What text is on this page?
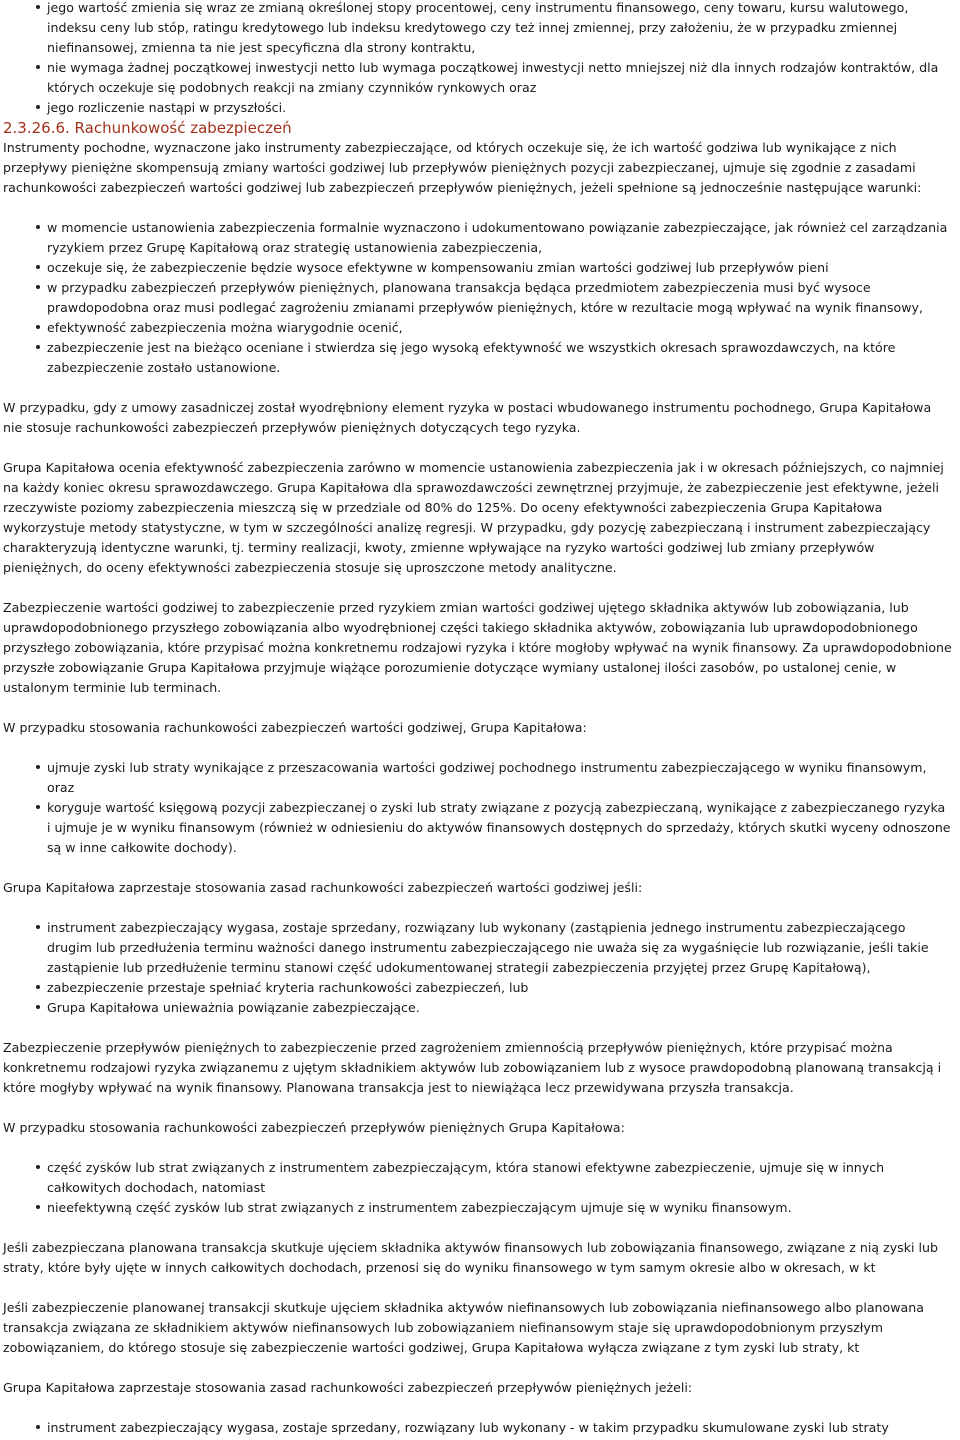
jego wartość zmienia się wraz ze zmianą określonej stopy procentowej, ceny instrumentu finansowego, ceny towaru, kursu walutowego, indeksu ceny lub stóp, ratingu kredytowego lub indeksu kredytowego czy też innej zmiennej, przy założeniu, że w przypadku zmiennej niefinansowej, zmienna ta nie jest specyficzna dla strony kontraktu,
nie wymaga żadnej początkowej inwestycji netto lub wymaga początkowej inwestycji netto mniejszej niż dla innych rodzajów kontraktów, dla których oczekuje się podobnych reakcji na zmiany czynników rynkowych oraz
jego rozliczenie nastąpi w przyszłości.
2.3.26.6. Rachunkowość zabezpieczeń

Instrumenty pochodne, wyznaczone jako instrumenty zabezpieczające, od których oczekuje się, że ich wartość godziwa lub wynikające z nich przepływy pieniężne skompensują zmiany wartości godziwej lub przepływów pieniężnych pozycji zabezpieczanej, ujmuje się zgodnie z zasadami rachunkowości zabezpieczeń wartości godziwej lub zabezpieczeń przepływów pieniężnych, jeżeli spełnione są jednocześnie następujące warunki:

w momencie ustanowienia zabezpieczenia formalnie wyznaczono i udokumentowano powiązanie zabezpieczające, jak również cel zarządzania ryzykiem przez Grupę Kapitałową oraz strategię ustanowienia zabezpieczenia,
oczekuje się, że zabezpieczenie będzie wysoce efektywne w kompensowaniu zmian wartości godziwej lub przepływów pieni
w przypadku zabezpieczeń przepływów pieniężnych, planowana transakcja będąca przedmiotem zabezpieczenia musi być wysoce prawdopodobna oraz musi podlegać zagrożeniu zmianami przepływów pieniężnych, które w rezultacie mogą wpływać na wynik finansowy,
efektywność zabezpieczenia można wiarygodnie ocenić,
zabezpieczenie jest na bieżąco oceniane i stwierdza się jego wysoką efektywność we wszystkich okresach sprawozdawczych, na które zabezpieczenie zostało ustanowione.

W przypadku, gdy z umowy zasadniczej został wyodrębniony element ryzyka w postaci wbudowanego instrumentu pochodnego, Grupa Kapitałowa nie stosuje rachunkowości zabezpieczeń przepływów pieniężnych dotyczących tego ryzyka.

Grupa Kapitałowa ocenia efektywność zabezpieczenia zarówno w momencie ustanowienia zabezpieczenia jak i w okresach późniejszych, co najmniej na każdy koniec okresu sprawozdawczego. Grupa Kapitałowa dla sprawozdawczości zewnętrznej przyjmuje, że zabezpieczenie jest efektywne, jeżeli rzeczywiste poziomy zabezpieczenia mieszczą się w przedziale od 80% do 125%. Do oceny efektywności zabezpieczenia Grupa Kapitałowa wykorzystuje metody statystyczne, w tym w szczególności analizę regresji. W przypadku, gdy pozycję zabezpieczaną i instrument zabezpieczający charakteryzują identyczne warunki, tj. terminy realizacji, kwoty, zmienne wpływające na ryzyko wartości godziwej lub zmiany przepływów pieniężnych, do oceny efektywności zabezpieczenia stosuje się uproszczone metody analityczne.

Zabezpieczenie wartości godziwej to zabezpieczenie przed ryzykiem zmian wartości godziwej ujętego składnika aktywów lub zobowiązania, lub uprawdopodobnionego przyszłego zobowiązania albo wyodrębnionej części takiego składnika aktywów, zobowiązania lub uprawdopodobnionego przyszłego zobowiązania, które przypisać można konkretnemu rodzajowi ryzyka i które mogłoby wpływać na wynik finansowy. Za uprawdopodobnione przyszłe zobowiązanie Grupa Kapitałowa przyjmuje wiążące porozumienie dotyczące wymiany ustalonej ilości zasobów, po ustalonej cenie, w ustalonym terminie lub terminach.

W przypadku stosowania rachunkowości zabezpieczeń wartości godziwej, Grupa Kapitałowa:

ujmuje zyski lub straty wynikające z przeszacowania wartości godziwej pochodnego instrumentu zabezpieczającego w wyniku finansowym, oraz
koryguje wartość księgową pozycji zabezpieczanej o zyski lub straty związane z pozycją zabezpieczaną, wynikające z zabezpieczanego ryzyka i ujmuje je w wyniku finansowym (również w odniesieniu do aktywów finansowych dostępnych do sprzedaży, których skutki wyceny odnoszone są w inne całkowite dochody).

Grupa Kapitałowa zaprzestaje stosowania zasad rachunkowości zabezpieczeń wartości godziwej jeśli:

instrument zabezpieczający wygasa, zostaje sprzedany, rozwiązany lub wykonany (zastąpienia jednego instrumentu zabezpieczającego drugim lub przedłużenia terminu ważności danego instrumentu zabezpieczającego nie uważa się za wygaśnięcie lub rozwiązanie, jeśli takie zastąpienie lub przedłużenie terminu stanowi część udokumentowanej strategii zabezpieczenia przyjętej przez Grupę Kapitałową),
zabezpieczenie przestaje spełniać kryteria rachunkowości zabezpieczeń, lub
Grupa Kapitałowa unieważnia powiązanie zabezpieczające.

Zabezpieczenie przepływów pieniężnych to zabezpieczenie przed zagrożeniem zmiennością przepływów pieniężnych, które przypisać można konkretnemu rodzajowi ryzyka związanemu z ujętym składnikiem aktywów lub zobowiązaniem lub z wysoce prawdopodobną planowaną transakcją i które mogłyby wpływać na wynik finansowy. Planowana transakcja jest to niewiążąca lecz przewidywana przyszła transakcja.

W przypadku stosowania rachunkowości zabezpieczeń przepływów pieniężnych Grupa Kapitałowa:

część zysków lub strat związanych z instrumentem zabezpieczającym, która stanowi efektywne zabezpieczenie, ujmuje się w innych całkowitych dochodach, natomiast
nieefektywną część zysków lub strat związanych z instrumentem zabezpieczającym ujmuje się w wyniku finansowym.

Jeśli zabezpieczana planowana transakcja skutkuje ujęciem składnika aktywów finansowych lub zobowiązania finansowego, związane z nią zyski lub straty, które były ujęte w innych całkowitych dochodach, przenosi się do wyniku finansowego w tym samym okresie albo w okresach, w kt

Jeśli zabezpieczenie planowanej transakcji skutkuje ujęciem składnika aktywów niefinansowych lub zobowiązania niefinansowego albo planowana transakcja związana ze składnikiem aktywów niefinansowych lub zobowiązaniem niefinansowym staje się uprawdopodobnionym przyszłym zobowiązaniem, do którego stosuje się zabezpieczenie wartości godziwej, Grupa Kapitałowa wyłącza związane z tym zyski lub straty, kt

Grupa Kapitałowa zaprzestaje stosowania zasad rachunkowości zabezpieczeń przepływów pieniężnych jeżeli:

instrument zabezpieczający wygasa, zostaje sprzedany, rozwiązany lub wykonany - w takim przypadku skumulowane zyski lub straty
